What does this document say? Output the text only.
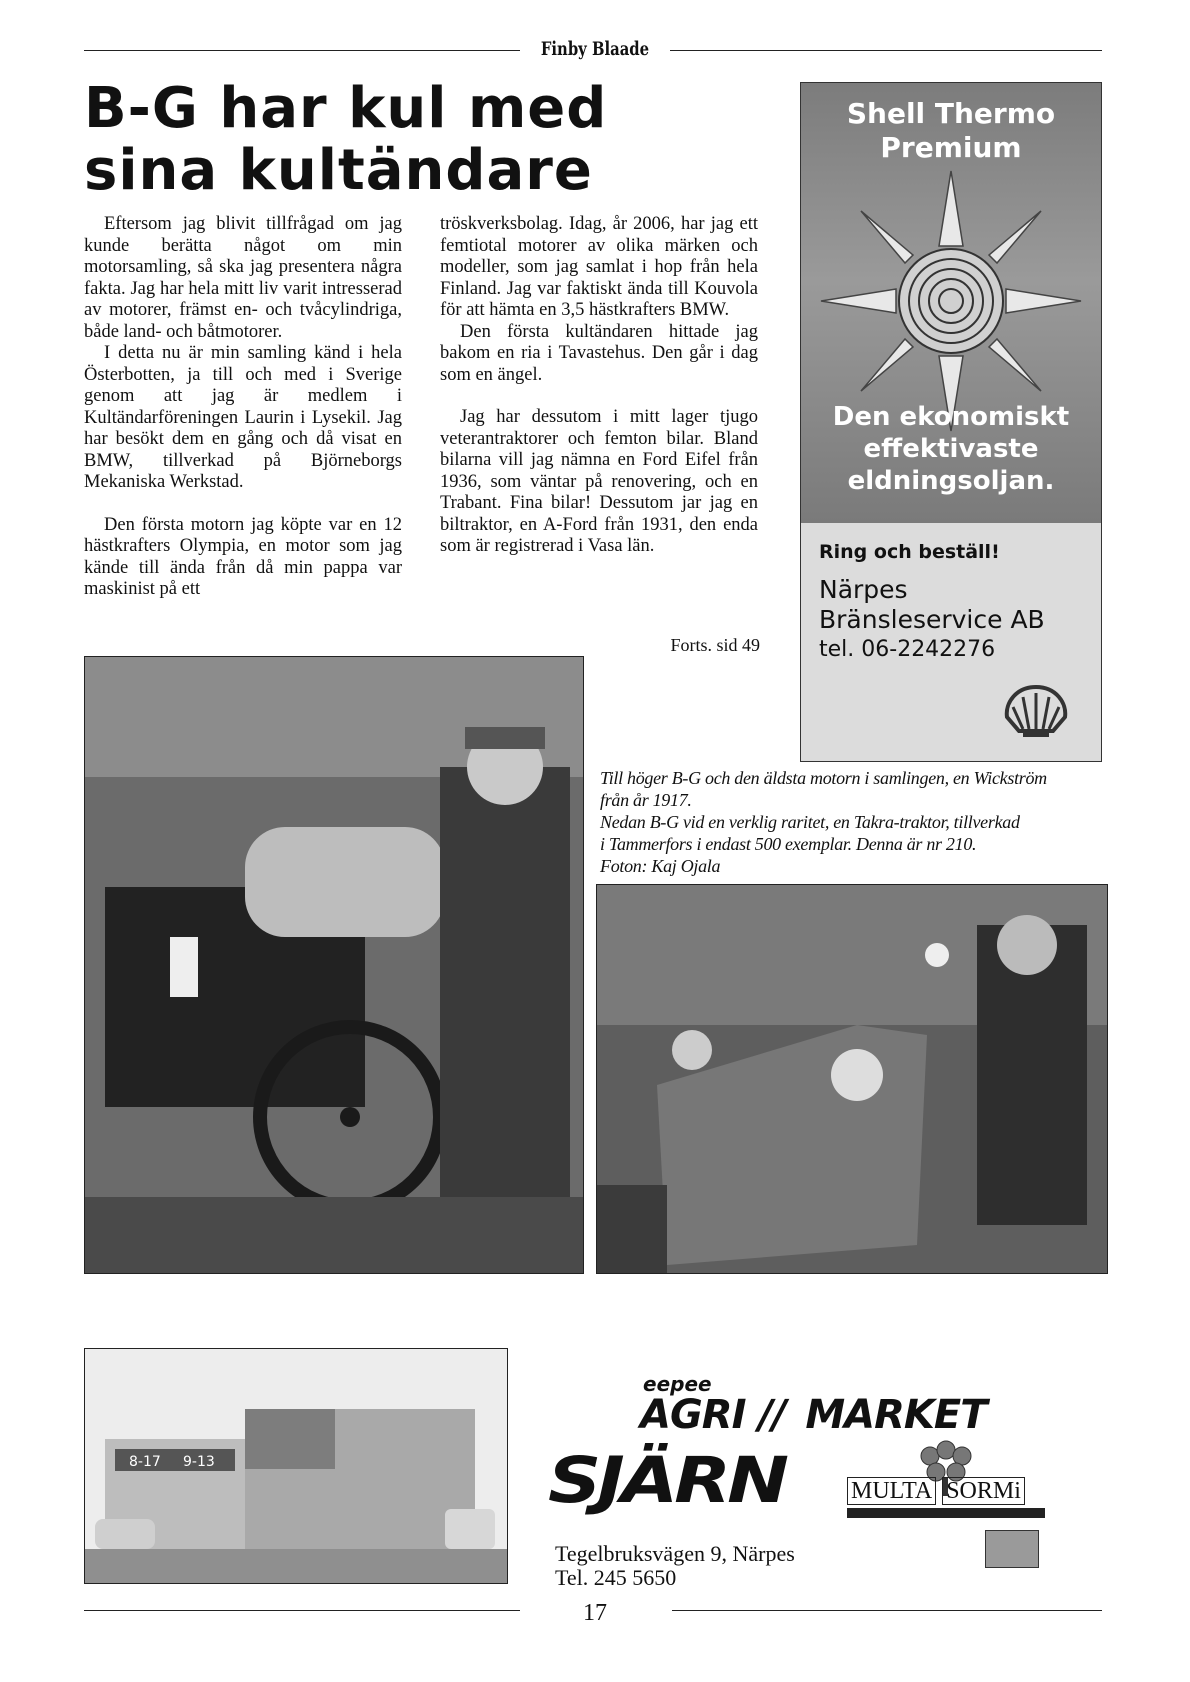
Finby Blaade
B-G har kul med
sina kultändare

Eftersom jag blivit tillfrågad om jag kunde berätta något om min motorsamling, så ska jag presentera några fakta. Jag har hela mitt liv varit intresserad av motorer, främst en- och tvåcylindriga, både land- och båtmotorer.

I detta nu är min samling känd i hela Österbotten, ja till och med i Sverige genom att jag är medlem i Kultändarföreningen Laurin i Lysekil. Jag har besökt dem en gång och då visat en BMW, tillverkad på Björneborgs Mekaniska Werkstad.

Den första motorn jag köpte var en 12 hästkrafters Olympia, en motor som jag kände till ända från då min pappa var maskinist på ett

tröskverksbolag. Idag, år 2006, har jag ett femtiotal motorer av olika märken och modeller, som jag samlat i hop från hela Finland. Jag var faktiskt ända till Kouvola för att hämta en 3,5 hästkrafters BMW.

Den första kultändaren hittade jag bakom en ria i Tavastehus. Den går i dag som en ängel.

Jag har dessutom i mitt lager tjugo veterantraktorer och femton bilar. Bland bilarna vill jag nämna en Ford Eifel från 1936, som väntar på renovering, och en Trabant. Fina bilar! Dessutom jar jag en biltraktor, en A-Ford från 1931, den enda som är registrerad i Vasa län.

Forts. sid 49
Shell Thermo
Premium
Den ekonomiskt
effektivaste
eldningsoljan.
Ring och beställ!
Närpes
Bränsleservice AB
tel. 06-2242276
Till höger B-G och den äldsta motorn i samlingen, en Wickström
från år 1917.
Nedan B-G vid en verklig raritet, en Takra-traktor, tillverkad
i Tammerfors i endast 500 exemplar. Denna är nr 210.
Foton: Kaj Ojala
8-17 9-13
eepee
AGRI ∕∕ MARKET
SJÄRN	MULTA SORMi
Tegelbruksvägen 9, Närpes
Tel. 245 5650
17
